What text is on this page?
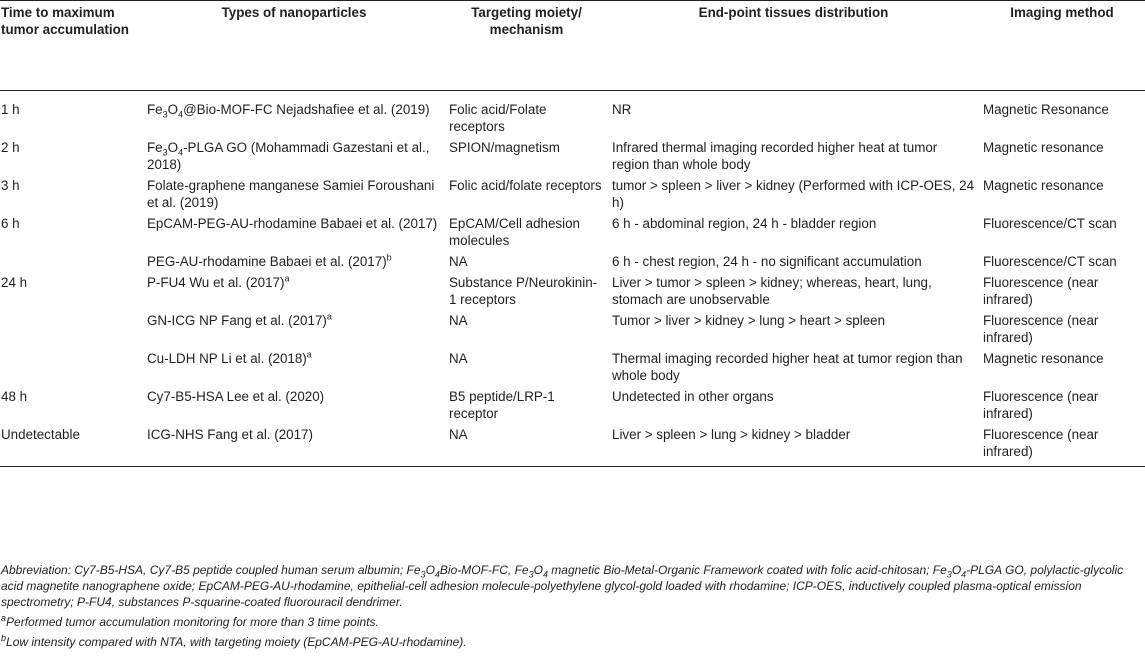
Time to maximum tumor accumulation	Types of nanoparticles	Targeting moiety/ mechanism	End-point tissues distribution	Imaging method
1 h	$Fe_3O_4@Bio-MOF-FC$ Nejadshafiee et al. (2019)	Folic acid/Folate receptors	NR	Magnetic Resonance
2 h	$Fe_3O_4$-PLGA GO (Mohammadi Gazestani et al., 2018)	SPION/magnetism	Infrared thermal imaging recorded higher heat at tumor region than whole body	Magnetic resonance
3 h	Folate-graphene manganese Samiei Foroushani et al. (2019)	Folic acid/folate receptors	tumor > spleen > liver > kidney (Performed with ICP-OES, 24 h)	Magnetic resonance
6 h	EpCAM-PEG-AU-rhodamine Babaei et al. (2017)	EpCAM/Cell adhesion molecules	6 h - abdominal region, 24 h - bladder region	Fluorescence/CT scan
	PEG-AU-rhodamine Babaei et al. $(2017)^b$	NA	6 h - chest region, 24 h - no significant accumulation	Fluorescence/CT scan
24 h	P-FU4 Wu et al. $(2017)^a$	Substance P/Neurokinin-1 receptors	Liver > tumor > spleen > kidney; whereas, heart, lung, stomach are unobservable	Fluorescence (near infrared)
	GN-ICG NP Fang et al. $(2017)^a$	NA	Tumor > liver > kidney > lung > heart > spleen	Fluorescence (near infrared)
	Cu-LDH NP Li et al. $(2018)^a$	NA	Thermal imaging recorded higher heat at tumor region than whole body	Magnetic resonance
48 h	Cy7-B5-HSA Lee et al. (2020)	B5 peptide/LRP-1 receptor	Undetected in other organs	Fluorescence (near infrared)
Undetectable	ICG-NHS Fang et al. (2017)	NA	Liver > spleen > lung > kidney > bladder	Fluorescence (near infrared)

Abbreviation: Cy7-B5-HSA, Cy7-B5 peptide coupled human serum albumin; $Fe_3O_4Bio-MOF-FC$, $Fe_3O_4$ magnetic Bio-Metal-Organic Framework coated with folic acid-chitosan; $Fe_3O_4$-PLGA GO, polylactic-glycolic acid magnetite nanographene oxide; EpCAM-PEG-AU-rhodamine, epithelial-cell adhesion molecule-polyethylene glycol-gold loaded with rhodamine; ICP-OES, inductively coupled plasma-optical emission spectrometry; P-FU4, substances P-squarine-coated fluorouracil dendrimer.

$^a$Performed tumor accumulation monitoring for more than 3 time points.

$^b$Low intensity compared with NTA, with targeting moiety (EpCAM-PEG-AU-rhodamine).
